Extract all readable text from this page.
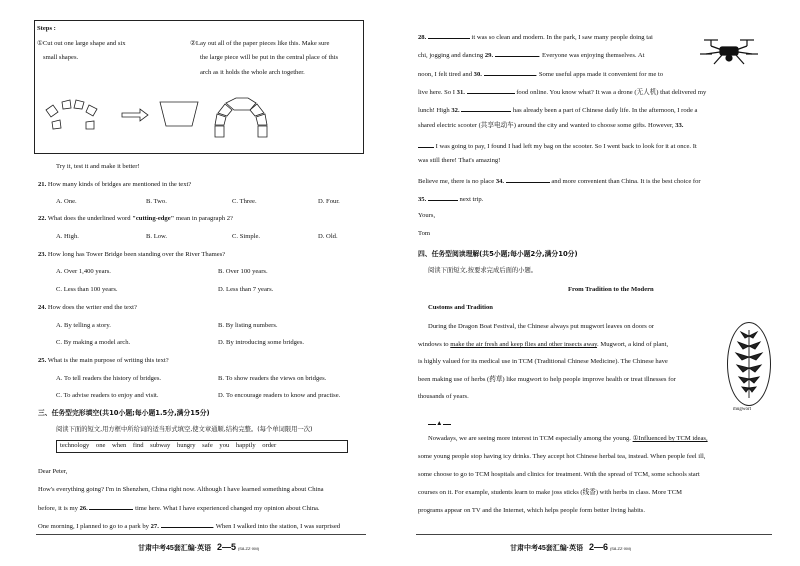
Steps :
①Cut out one large shape and six
small shapes.
②Lay out all of the paper pieces like this. Make sure
the large piece will be put in the central place of this
arch as it holds the whole arch together.
Try it, test it and make it better!
21. How many kinds of bridges are mentioned in the text?
A. One.	B. Two.	C. Three.	D. Four.
22. What does the underlined word "cutting-edge" mean in paragraph 2?
A. High.	B. Low.	C. Simple.	D. Old.
23. How long has Tower Bridge been standing over the River Thames?
A. Over 1,400 years.	B. Over 100 years.
C. Less than 100 years.	D. Less than 7 years.
24. How does the writer end the text?
A. By telling a story.	B. By listing numbers.
C. By making a model arch.	D. By introducing some bridges.
25. What is the main purpose of writing this text?
A. To tell readers the history of bridges.	B. To show readers the views on bridges.
C. To advise readers to enjoy and visit.	D. To encourage readers to know and practise.
三、任务型完形填空(共10小题;每小题1.5分,满分15分)
阅读下面的短文,用方框中所给词的适当形式填空,使文章通顺,结构完整。(每个单词限用一次)
technology one when find subway hungry safe you happily order
Dear Peter,
How's everything going? I'm in Shenzhen, China right now. Although I have learned something about China
before, it is my 26.	time here. What I have experienced changed my opinion about China.
One morning, I planned to go to a park by 27.	. When I walked into the station, I was surprised
甘肃中考45套汇编·英语 2—5 (S8-ZZ·XM)
28.	it was so clean and modern. In the park, I saw many people doing tai
chi, jogging and dancing 29.	. Everyone was enjoying themselves. At
noon, I felt tired and 30.	. Some useful apps made it convenient for me to
live here. So I 31.	food online. You know what? It was a drone (无人机) that delivered my
lunch! High 32.	has already been a part of Chinese daily life. In the afternoon, I rode a
shared electric scooter (共享电动车) around the city and wanted to choose some gifts. However, 33.
I was going to pay, I found I had left my bag on the scooter. So I went back to look for it at once. It
was still there! That's amazing!
Believe me, there is no place 34.	and more convenient than China. It is the best choice for
35.	next trip.
Yours,
Tom
四、任务型阅读理解(共5小题;每小题2分,满分10分)
阅读下面短文,按要求完成后面的小题。
From Tradition to the Modern
Customs and Tradition
During the Dragon Boat Festival, the Chinese always put mugwort leaves on doors or
windows to make the air fresh and keep flies and other insects away. Mugwort, a kind of plant,
is highly valued for its medical use in TCM (Traditional Chinese Medicine). The Chinese have
been making use of herbs (药草) like mugwort to help people improve health or treat illnesses for
thousands of years.
mugwort
▲
Nowadays, we are seeing more interest in TCM especially among the young. ①Influenced by TCM ideas,
some young people stop having icy drinks. They accept hot Chinese herbal tea, instead. When people feel ill,
some choose to go to TCM hospitals and clinics for treatment. With the spread of TCM, some schools start
courses on it. For example, students learn to make joss sticks (线香) with herbs in class. More TCM
programs appear on TV and the Internet, which helps people form better living habits.
甘肃中考45套汇编·英语 2—6 (S8-ZZ·XM)
